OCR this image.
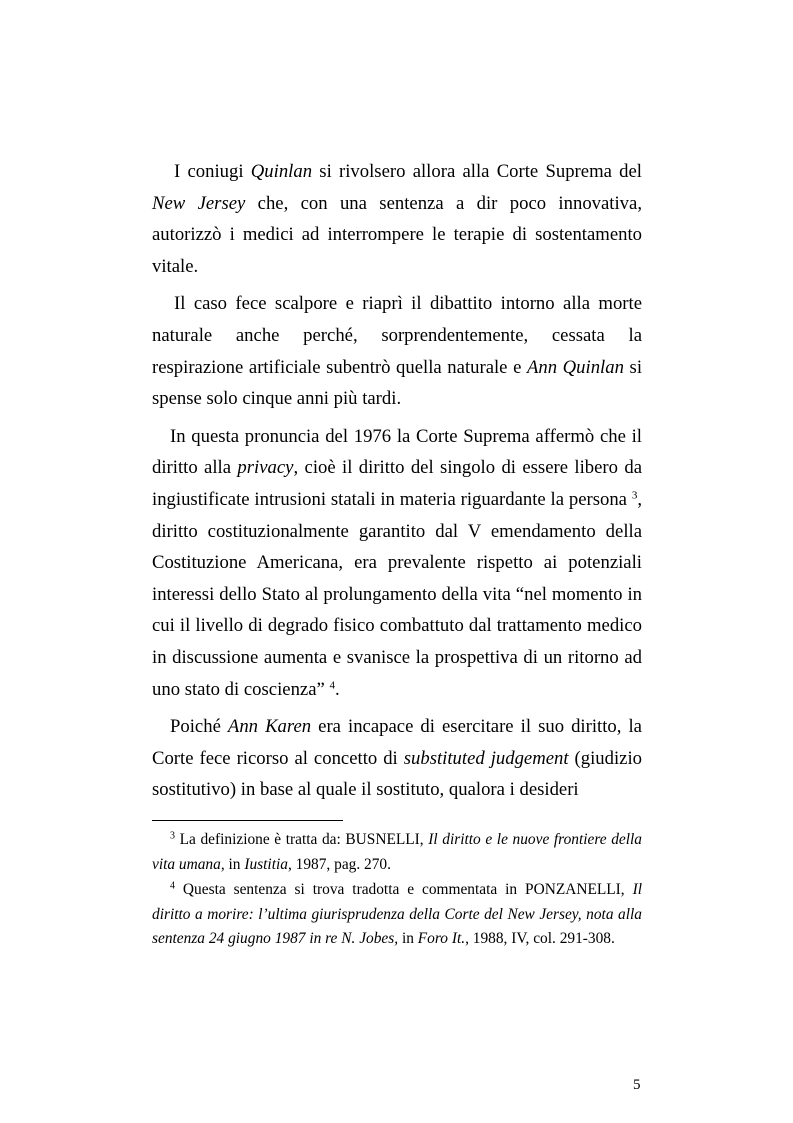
I coniugi Quinlan si rivolsero allora alla Corte Suprema del New Jersey che, con una sentenza a dir poco innovativa, autorizzò i medici ad interrompere le terapie di sostentamento vitale.

Il caso fece scalpore e riaprì il dibattito intorno alla morte naturale anche perché, sorprendentemente, cessata la respirazione artificiale subentrò quella naturale e Ann Quinlan si spense solo cinque anni più tardi.

In questa pronuncia del 1976 la Corte Suprema affermò che il diritto alla privacy, cioè il diritto del singolo di essere libero da ingiustificate intrusioni statali in materia riguardante la persona $^3$, diritto costituzionalmente garantito dal V emendamento della Costituzione Americana, era prevalente rispetto ai potenziali interessi dello Stato al prolungamento della vita “nel momento in cui il livello di degrado fisico combattuto dal trattamento medico in discussione aumenta e svanisce la prospettiva di un ritorno ad uno stato di coscienza” $^4$.

Poiché Ann Karen era incapace di esercitare il suo diritto, la Corte fece ricorso al concetto di substituted judgement (giudizio sostitutivo) in base al quale il sostituto, qualora i desideri

$^3$ La definizione è tratta da: BUSNELLI, Il diritto e le nuove frontiere della vita umana, in Iustitia, 1987, pag. 270.

$^4$ Questa sentenza si trova tradotta e commentata in PONZANELLI, Il diritto a morire: l’ultima giurisprudenza della Corte del New Jersey, nota alla sentenza 24 giugno 1987 in re N. Jobes, in Foro It., 1988, IV, col. 291-308.

5
